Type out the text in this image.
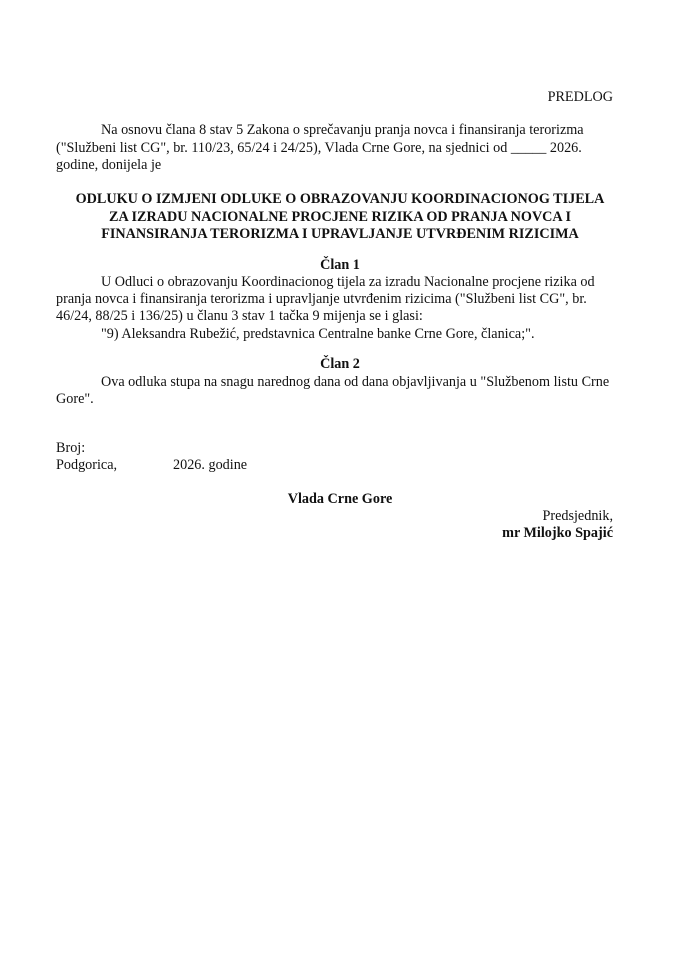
PREDLOG
Na osnovu člana 8 stav 5 Zakona o sprečavanju pranja novca i finansiranja terorizma
("Službeni list CG", br. 110/23, 65/24 i 24/25), Vlada Crne Gore, na sjednici od _____ 2026.
godine, donijela je
ODLUKU O IZMJENI ODLUKE O OBRAZOVANJU KOORDINACIONOG TIJELA
ZA IZRADU NACIONALNE PROCJENE RIZIKA OD PRANJA NOVCA I
FINANSIRANJA TERORIZMA I UPRAVLJANJE UTVRĐENIM RIZICIMA
Član 1
U Odluci o obrazovanju Koordinacionog tijela za izradu Nacionalne procjene rizika od
pranja novca i finansiranja terorizma i upravljanje utvrđenim rizicima ("Službeni list CG", br.
46/24, 88/25 i 136/25) u članu 3 stav 1 tačka 9 mijenja se i glasi:
"9) Aleksandra Rubežić, predstavnica Centralne banke Crne Gore, članica;".
Član 2
Ova odluka stupa na snagu narednog dana od dana objavljivanja u "Službenom listu Crne
Gore".
Broj:
Podgorica,	2026. godine
Vlada Crne Gore
Predsjednik,
mr Milojko Spajić
